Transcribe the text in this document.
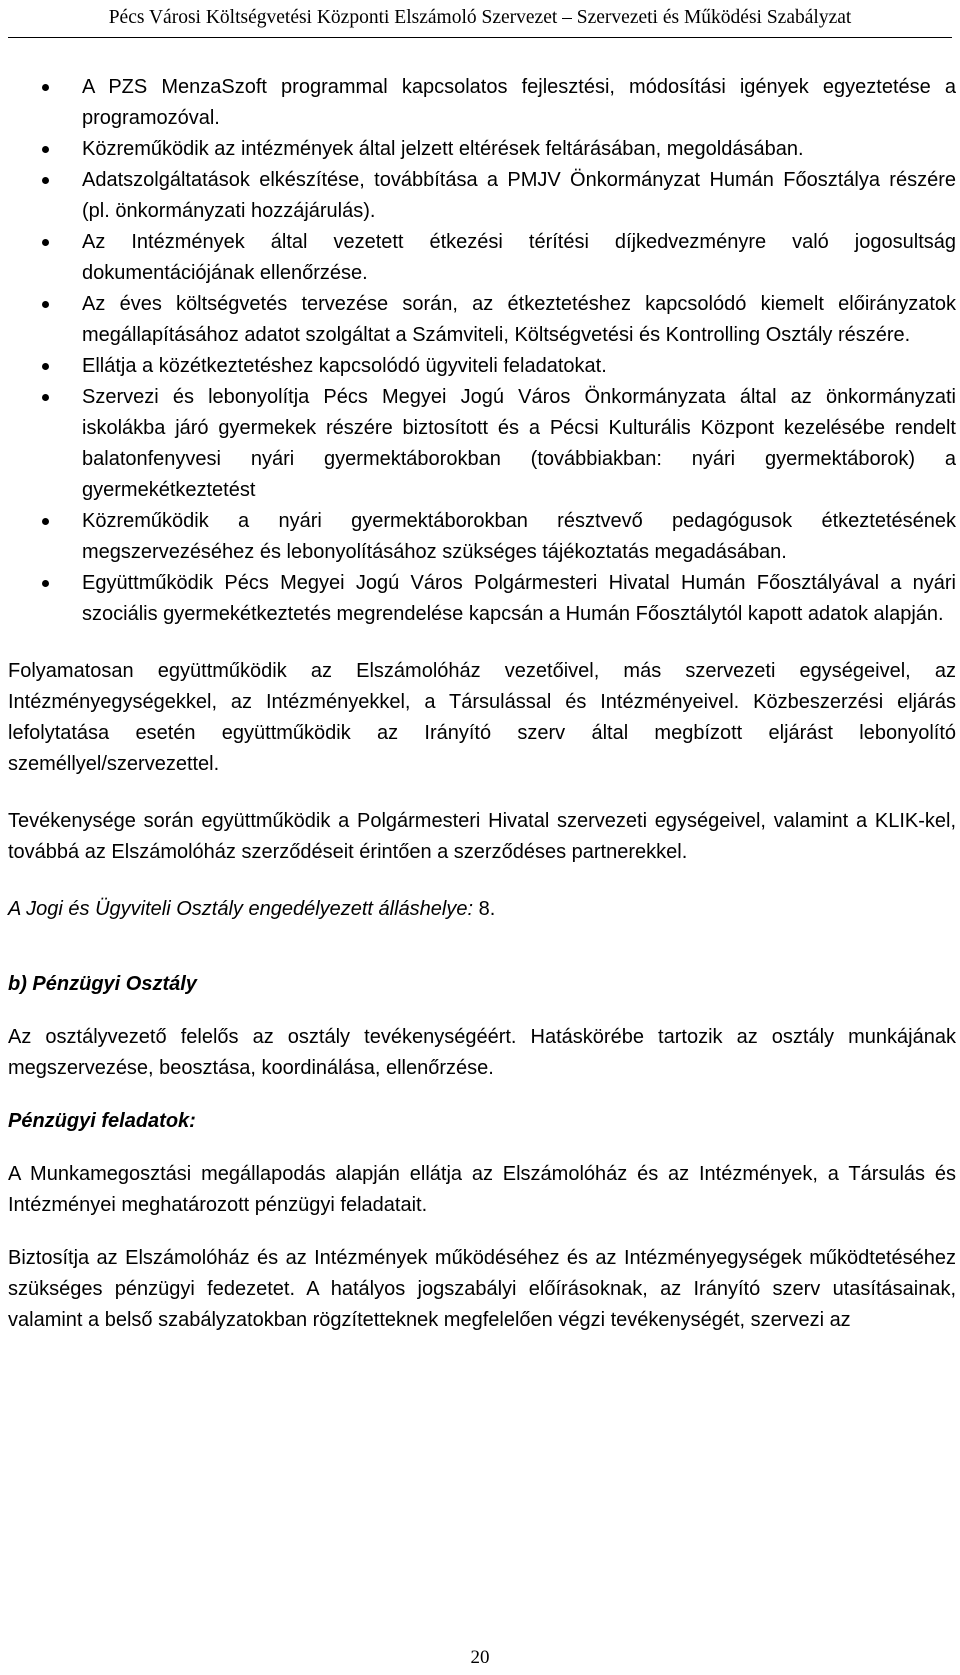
Pécs Városi Költségvetési Központi Elszámoló Szervezet – Szervezeti és Működési Szabályzat
A PZS MenzaSzoft programmal kapcsolatos fejlesztési, módosítási igények egyeztetése a programozóval.
Közreműködik az intézmények által jelzett eltérések feltárásában, megoldásában.
Adatszolgáltatások elkészítése, továbbítása a PMJV Önkormányzat Humán Főosztálya részére (pl. önkormányzati hozzájárulás).
Az Intézmények által vezetett étkezési térítési díjkedvezményre való jogosultság dokumentációjának ellenőrzése.
Az éves költségvetés tervezése során, az étkeztetéshez kapcsolódó kiemelt előirányzatok megállapításához adatot szolgáltat a Számviteli, Költségvetési és Kontrolling Osztály részére.
Ellátja a közétkeztetéshez kapcsolódó ügyviteli feladatokat.
Szervezi és lebonyolítja Pécs Megyei Jogú Város Önkormányzata által az önkormányzati iskolákba járó gyermekek részére biztosított és a Pécsi Kulturális Központ kezelésébe rendelt balatonfenyvesi nyári gyermektáborokban (továbbiakban: nyári gyermektáborok) a gyermekétkeztetést
Közreműködik a nyári gyermektáborokban résztvevő pedagógusok étkeztetésének megszervezéséhez és lebonyolításához szükséges tájékoztatás megadásában.
Együttműködik Pécs Megyei Jogú Város Polgármesteri Hivatal Humán Főosztályával a nyári szociális gyermekétkeztetés megrendelése kapcsán a Humán Főosztálytól kapott adatok alapján.

Folyamatosan együttműködik az Elszámolóház vezetőivel, más szervezeti egységeivel, az Intézményegységekkel, az Intézményekkel, a Társulással és Intézményeivel. Közbeszerzési eljárás lefolytatása esetén együttműködik az Irányító szerv által megbízott eljárást lebonyolító személlyel/szervezettel.

Tevékenysége során együttműködik a Polgármesteri Hivatal szervezeti egységeivel, valamint a KLIK-kel, továbbá az Elszámolóház szerződéseit érintően a szerződéses partnerekkel.

A Jogi és Ügyviteli Osztály engedélyezett álláshelye: 8.

b) Pénzügyi Osztály

Az osztályvezető felelős az osztály tevékenységéért. Hatáskörébe tartozik az osztály munkájának megszervezése, beosztása, koordinálása, ellenőrzése.

Pénzügyi feladatok:

A Munkamegosztási megállapodás alapján ellátja az Elszámolóház és az Intézmények, a Társulás és Intézményei meghatározott pénzügyi feladatait.

Biztosítja az Elszámolóház és az Intézmények működéséhez és az Intézményegységek működtetéséhez szükséges pénzügyi fedezetet. A hatályos jogszabályi előírásoknak, az Irányító szerv utasításainak, valamint a belső szabályzatokban rögzítetteknek megfelelően végzi tevékenységét, szervezi az

20
